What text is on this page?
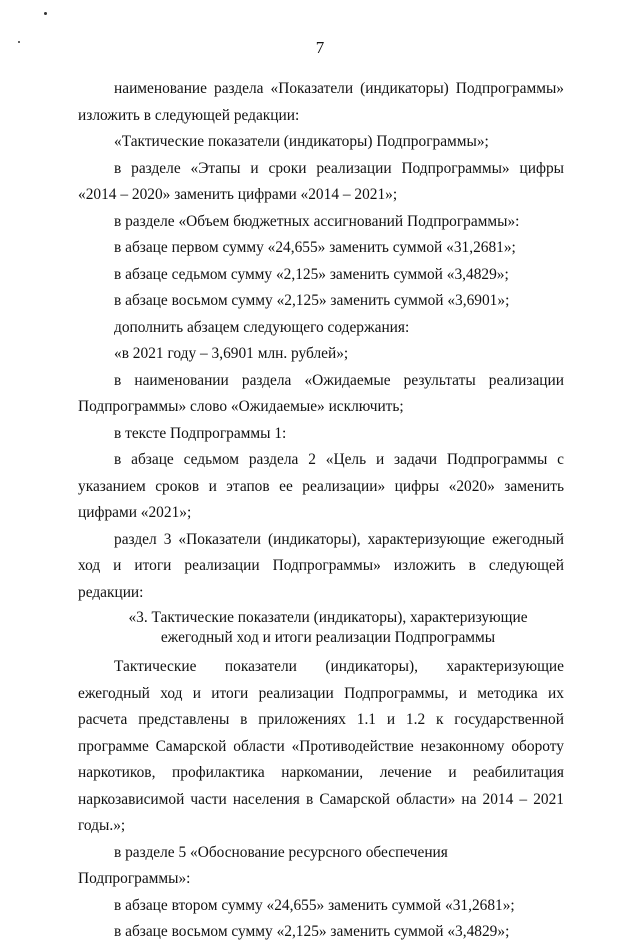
7

наименование раздела «Показатели (индикаторы) Подпрограммы» изложить в следующей редакции:

«Тактические показатели (индикаторы) Подпрограммы»;

в разделе «Этапы и сроки реализации Подпрограммы» цифры «2014 – 2020» заменить цифрами «2014 – 2021»;

в разделе «Объем бюджетных ассигнований Подпрограммы»:

в абзаце первом сумму «24,655» заменить суммой «31,2681»;

в абзаце седьмом сумму «2,125» заменить суммой «3,4829»;

в абзаце восьмом сумму «2,125» заменить суммой «3,6901»;

дополнить абзацем следующего содержания:

«в 2021 году – 3,6901 млн. рублей»;

в наименовании раздела «Ожидаемые результаты реализации Подпрограммы» слово «Ожидаемые» исключить;

в тексте Подпрограммы 1:

в абзаце седьмом раздела 2 «Цель и задачи Подпрограммы с указанием сроков и этапов ее реализации» цифры «2020» заменить цифрами «2021»;

раздел 3 «Показатели (индикаторы), характеризующие ежегодный ход и итоги реализации Подпрограммы» изложить в следующей редакции:

«3. Тактические показатели (индикаторы), характеризующие
ежегодный ход и итоги реализации Подпрограммы

Тактические показатели (индикаторы), характеризующие ежегодный ход и итоги реализации Подпрограммы, и методика их расчета представлены в приложениях 1.1 и 1.2 к государственной программе Самарской области «Противодействие незаконному обороту наркотиков, профилактика наркомании, лечение и реабилитация наркозависимой части населения в Самарской области» на 2014 – 2021 годы.»;

в разделе 5 «Обоснование ресурсного обеспечения Подпрограммы»:

в абзаце втором сумму «24,655» заменить суммой «31,2681»;

в абзаце восьмом сумму «2,125» заменить суммой «3,4829»;
